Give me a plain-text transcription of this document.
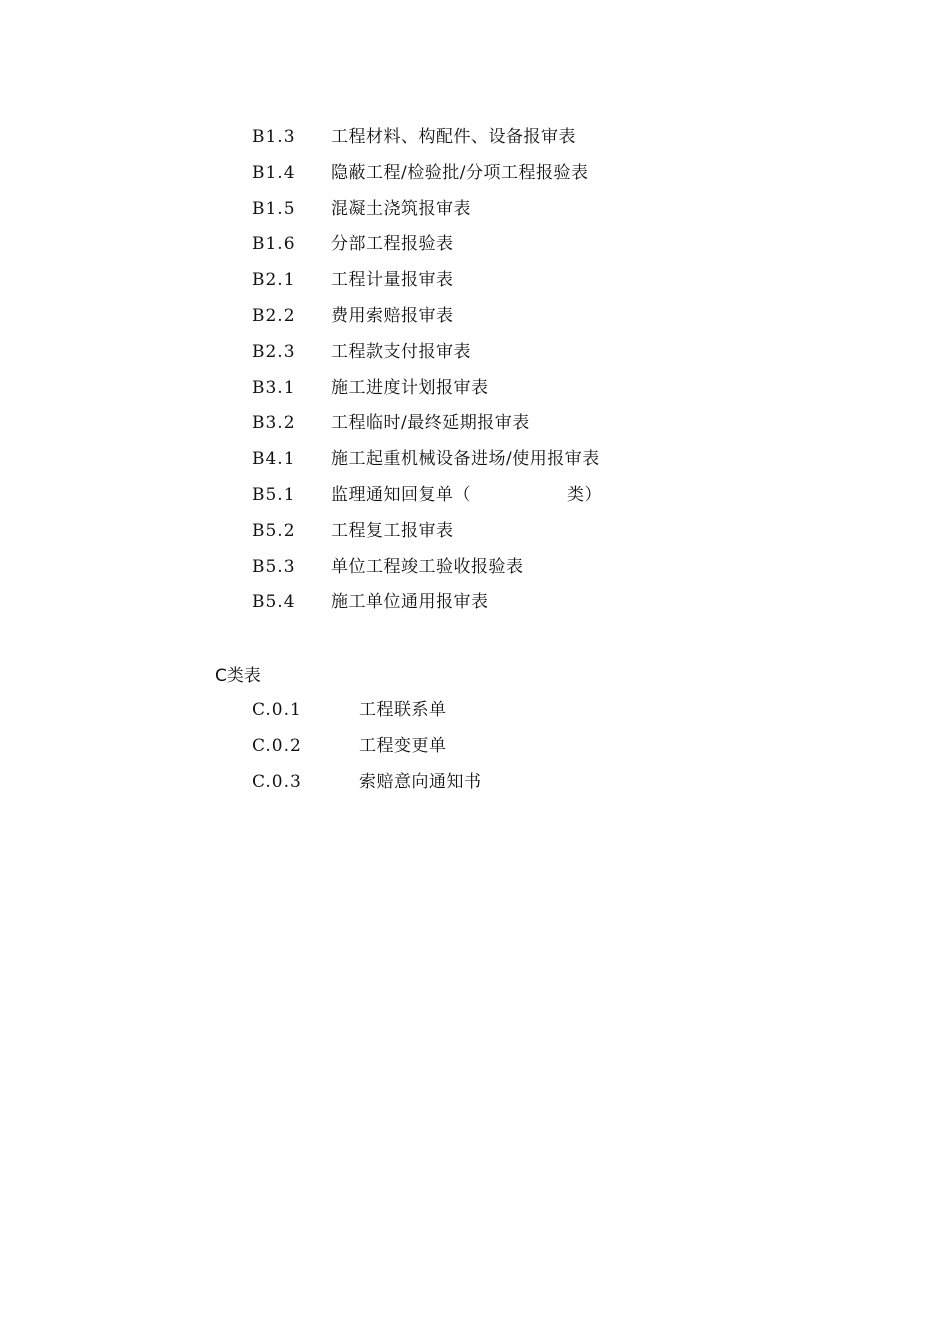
B1.3 工程材料、构配件、设备报审表
B1.4 隐蔽工程/检验批/分项工程报验表
B1.5 混凝土浇筑报审表
B1.6 分部工程报验表
B2.1 工程计量报审表
B2.2 费用索赔报审表
B2.3 工程款支付报审表
B3.1 施工进度计划报审表
B3.2 工程临时/最终延期报审表
B4.1 施工起重机械设备进场/使用报审表
B5.1 监理通知回复单（	类）
B5.2 工程复工报审表
B5.3 单位工程竣工验收报验表
B5.4 施工单位通用报审表
C类表
C.0.1	工程联系单
C.0.2	工程变更单
C.0.3	索赔意向通知书
